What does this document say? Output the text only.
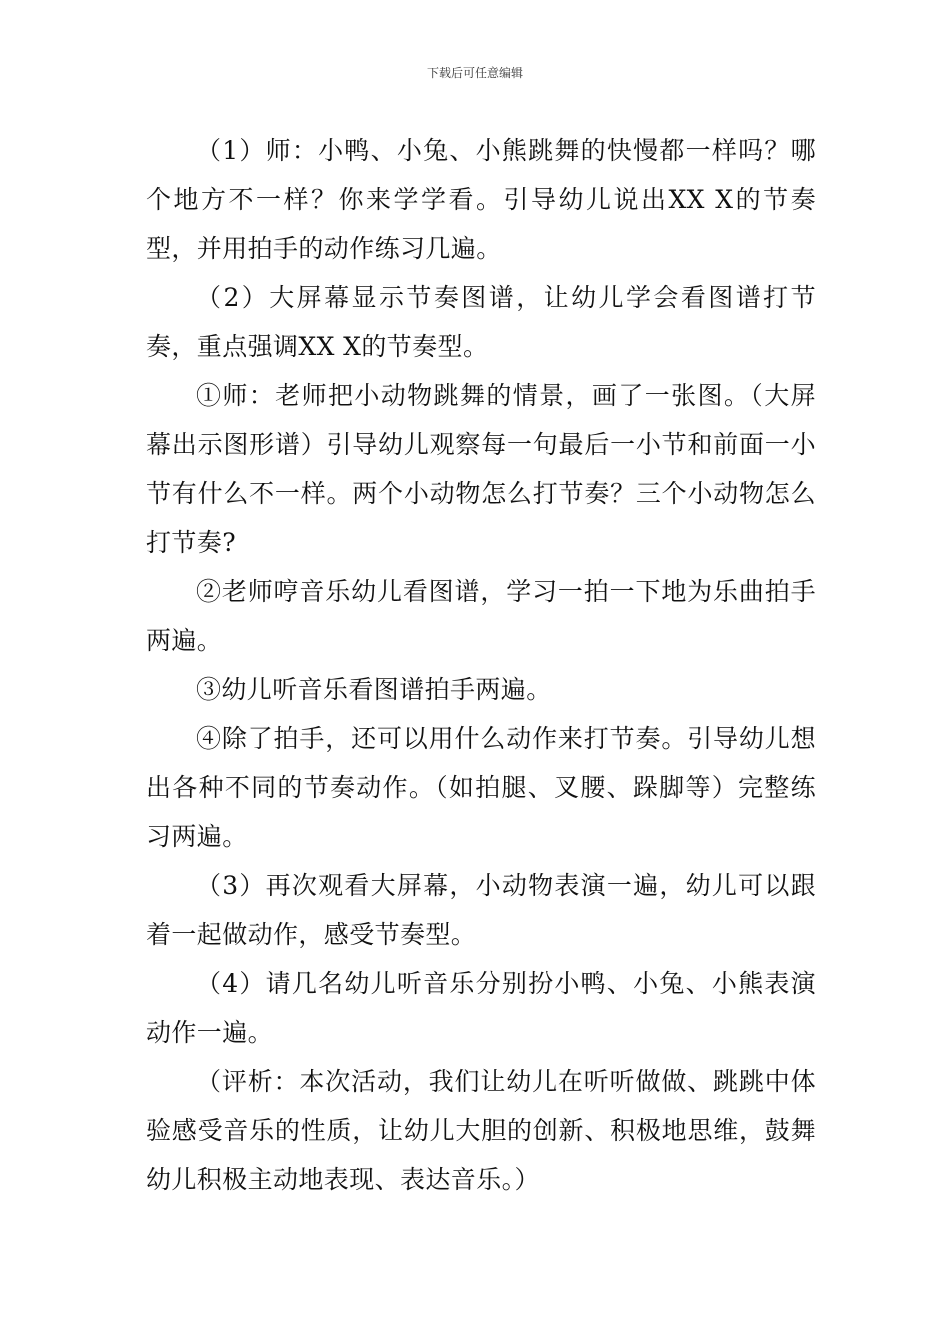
下载后可任意编辑

（1）师：小鸭、小兔、小熊跳舞的快慢都一样吗？哪个地方不一样？你来学学看。引导幼儿说出XX X的节奏型，并用拍手的动作练习几遍。

（2）大屏幕显示节奏图谱，让幼儿学会看图谱打节奏，重点强调XX X的节奏型。

①师：老师把小动物跳舞的情景，画了一张图。（大屏幕出示图形谱）引导幼儿观察每一句最后一小节和前面一小节有什么不一样。两个小动物怎么打节奏？三个小动物怎么打节奏?

②老师哼音乐幼儿看图谱，学习一拍一下地为乐曲拍手两遍。

③幼儿听音乐看图谱拍手两遍。

④除了拍手，还可以用什么动作来打节奏。引导幼儿想出各种不同的节奏动作。（如拍腿、叉腰、跺脚等）完整练习两遍。

（3）再次观看大屏幕，小动物表演一遍，幼儿可以跟着一起做动作，感受节奏型。

（4）请几名幼儿听音乐分别扮小鸭、小兔、小熊表演动作一遍。

（评析：本次活动，我们让幼儿在听听做做、跳跳中体验感受音乐的性质，让幼儿大胆的创新、积极地思维，鼓舞幼儿积极主动地表现、表达音乐。）
